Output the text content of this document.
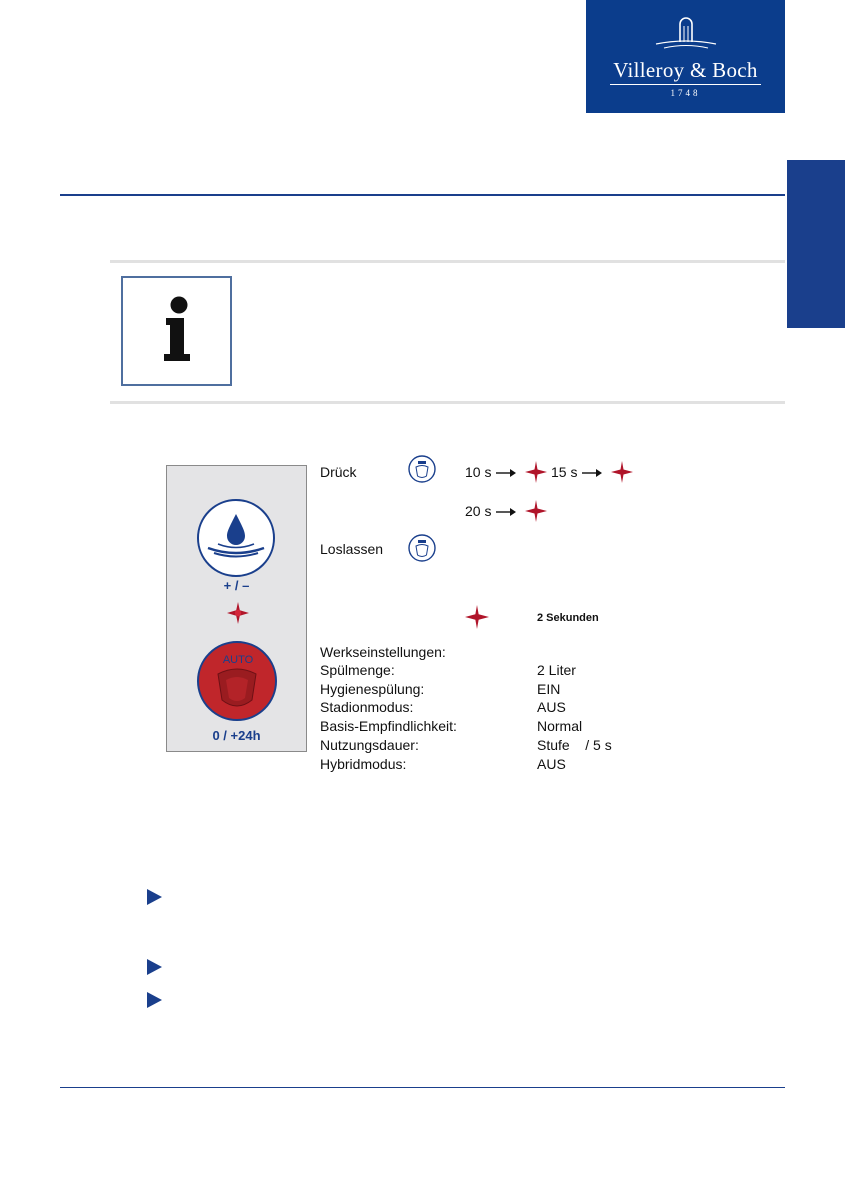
Villeroy & Boch
1748
+ / –
AUTO
0 / +24h
Drück	10 s	15 s
20 s
Loslassen
2 Sekunden
Werkseinstellungen:
Spülmenge:	2 Liter
Hygienespülung:	EIN
Stadionmodus:	AUS
Basis-Empfindlichkeit:	Normal
Nutzungsdauer:	Stufe    / 5 s
Hybridmodus:	AUS
